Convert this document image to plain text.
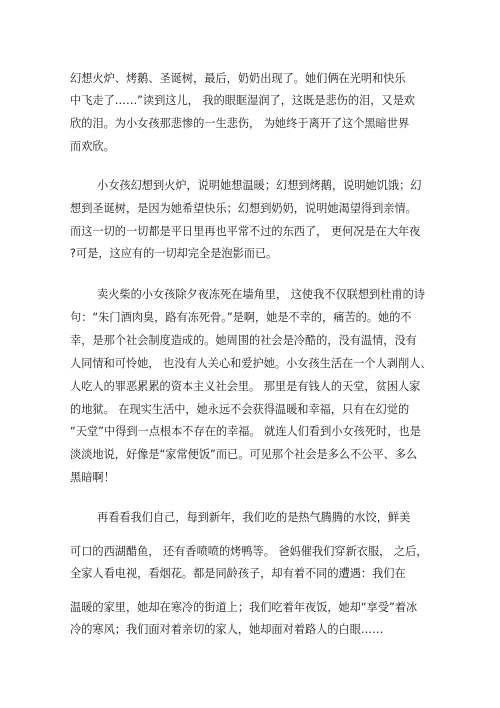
幻想火炉、烤鹅、圣诞树，最后，奶奶出现了。她们俩在光明和快乐
中飞走了……”读到这儿， 我的眼眶湿润了，这既是悲伤的泪，又是欢
欣的泪。为小女孩那悲惨的一生悲伤， 为她终于离开了这个黑暗世界
而欢欣。
小女孩幻想到火炉，说明她想温暖；幻想到烤鹅，说明她饥饿；幻
想到圣诞树，是因为她希望快乐；幻想到奶奶，说明她渴望得到亲情。
而这一切的一切都是平日里再也平常不过的东西了， 更何况是在大年夜
?可是，这应有的一切却完全是泡影而已。
卖火柴的小女孩除夕夜冻死在墙角里， 这使我不仅联想到杜甫的诗
句：“朱门酒肉臭，路有冻死骨。”是啊，她是不幸的，痛苦的。她的不
幸，是那个社会制度造成的。她周围的社会是冷酷的，没有温情，没有
人同情和可怜她， 也没有人关心和爱护她。小女孩生活在一个人剥削人、
人吃人的罪恶累累的资本主义社会里。 那里是有钱人的天堂，贫困人家
的地狱。 在现实生活中，她永远不会获得温暖和幸福，只有在幻觉的
“天堂”中得到一点根本不存在的幸福。 就连人们看到小女孩死时，也是
淡淡地说，好像是“家常便饭”而已。可见那个社会是多么不公平、多么
黑暗啊！
再看看我们自己，每到新年，我们吃的是热气腾腾的水饺，鲜美
可口的西湖醋鱼， 还有香喷喷的烤鸭等。 爸妈催我们穿新衣服， 之后，
全家人看电视，看烟花。都是同龄孩子，却有着不同的遭遇：我们在
温暖的家里，她却在寒冷的街道上；我们吃着年夜饭，她却“享受”着冰
冷的寒风；我们面对着亲切的家人，她却面对着路人的白眼……
